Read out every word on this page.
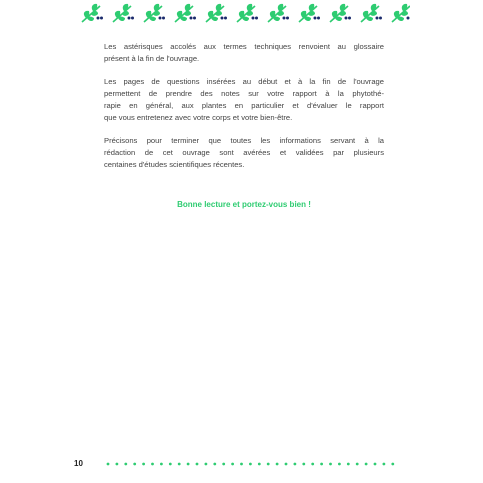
Les astérisques accolés aux termes techniques renvoient au glossaire
présent à la fin de l'ouvrage.

Les pages de questions insérées au début et à la fin de l'ouvrage
permettent de prendre des notes sur votre rapport à la phytothé-
rapie en général, aux plantes en particulier et d'évaluer le rapport
que vous entretenez avec votre corps et votre bien-être.

Précisons pour terminer que toutes les informations servant à la
rédaction de cet ouvrage sont avérées et validées par plusieurs
centaines d'études scientifiques récentes.

Bonne lecture et portez-vous bien !
10
